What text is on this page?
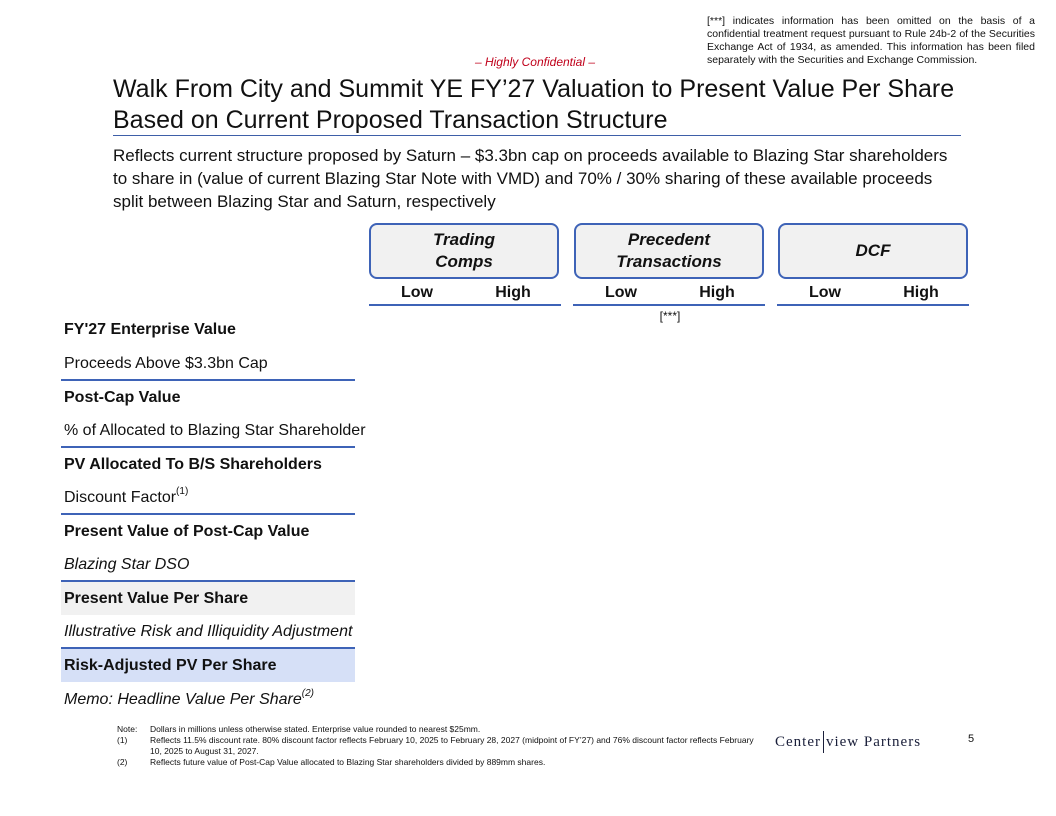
[***] indicates information has been omitted on the basis of a confidential treatment request pursuant to Rule 24b-2 of the Securities Exchange Act of 1934, as amended. This information has been filed separately with the Securities and Exchange Commission.
– Highly Confidential –
Walk From City and Summit YE FY’27 Valuation to Present Value Per Share Based on Current Proposed Transaction Structure
Reflects current structure proposed by Saturn – $3.3bn cap on proceeds available to Blazing Star shareholders to share in (value of current Blazing Star Note with VMD) and 70% / 30% sharing of these available proceeds split between Blazing Star and Saturn, respectively
Trading
Comps
Precedent
Transactions
DCF
Low	High	Low	High	Low	High
[***]
FY'27 Enterprise Value
Proceeds Above $3.3bn Cap
Post-Cap Value
% of Allocated to Blazing Star Shareholder
PV Allocated To B/S Shareholders
Discount Factor$^{(1)}$
Present Value of Post-Cap Value
Blazing Star DSO
Present Value Per Share
Illustrative Risk and Illiquidity Adjustment
Risk-Adjusted PV Per Share
Memo: Headline Value Per Share $^{(2)}$
Note:	Dollars in millions unless otherwise stated. Enterprise value rounded to nearest $25mm.
(1)	Reflects 11.5% discount rate. 80% discount factor reflects February 10, 2025 to February 28, 2027 (midpoint of FY’27) and 76% discount factor reflects February 10, 2025 to August 31, 2027.
(2)	Reflects future value of Post-Cap Value allocated to Blazing Star shareholders divided by 889mm shares.
Center view Partners	5
